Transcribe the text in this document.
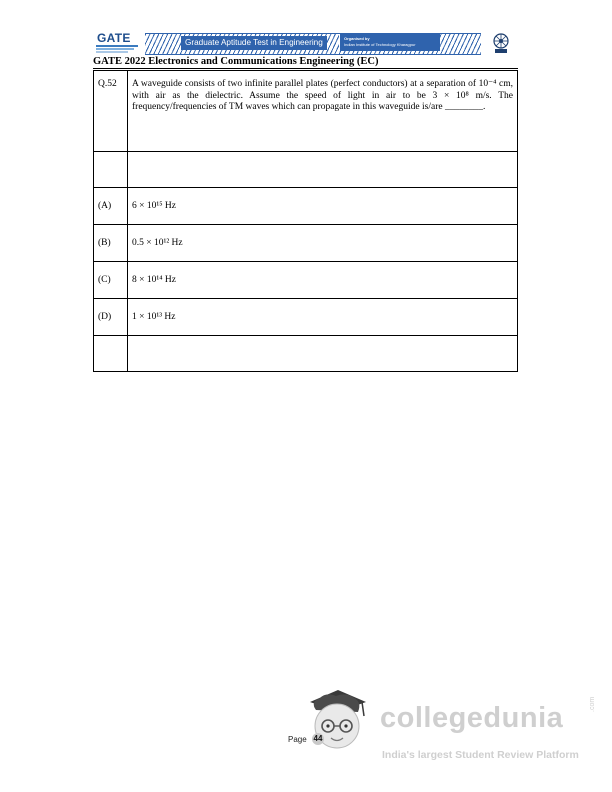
GATE	Graduate Aptitude Test in Engineering	Organised by
Indian Institute of Technology Kharagpur

GATE 2022 Electronics and Communications Engineering (EC)

Q.52	A waveguide consists of two infinite parallel plates (perfect conductors) at a separation of 10⁻⁴ cm, with air as the dielectric. Assume the speed of light in air to be 3 × 10⁸ m/s. The frequency/frequencies of TM waves which can propagate in this waveguide is/are ________.

(A)	6 × 10¹⁵ Hz

(B)	0.5 × 10¹² Hz

(C)	8 × 10¹⁴ Hz

(D)	1 × 10¹³ Hz

Page 44
collegedunia	.com
India's largest Student Review Platform
